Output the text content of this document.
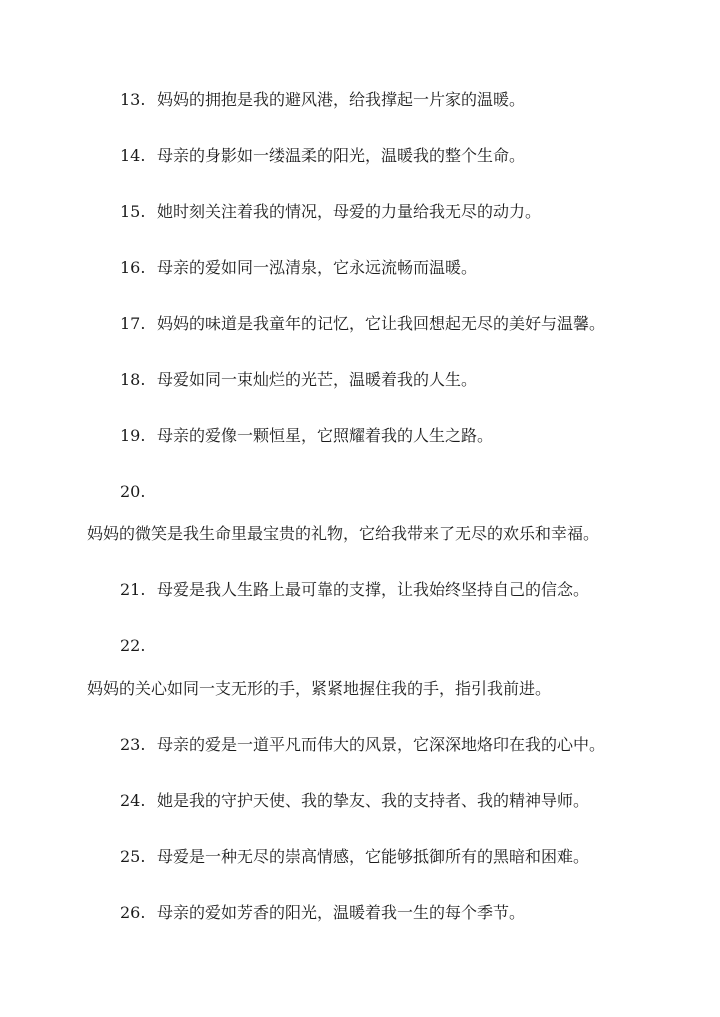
13. 妈妈的拥抱是我的避风港，给我撑起一片家的温暖。
14. 母亲的身影如一缕温柔的阳光，温暖我的整个生命。
15. 她时刻关注着我的情况，母爱的力量给我无尽的动力。
16. 母亲的爱如同一泓清泉，它永远流畅而温暖。
17. 妈妈的味道是我童年的记忆，它让我回想起无尽的美好与温馨。
18. 母爱如同一束灿烂的光芒，温暖着我的人生。
19. 母亲的爱像一颗恒星，它照耀着我的人生之路。
20.
妈妈的微笑是我生命里最宝贵的礼物，它给我带来了无尽的欢乐和幸福。
21. 母爱是我人生路上最可靠的支撑，让我始终坚持自己的信念。
22.
妈妈的关心如同一支无形的手，紧紧地握住我的手，指引我前进。
23. 母亲的爱是一道平凡而伟大的风景，它深深地烙印在我的心中。
24. 她是我的守护天使、我的挚友、我的支持者、我的精神导师。
25. 母爱是一种无尽的崇高情感，它能够抵御所有的黑暗和困难。
26. 母亲的爱如芳香的阳光，温暖着我一生的每个季节。
